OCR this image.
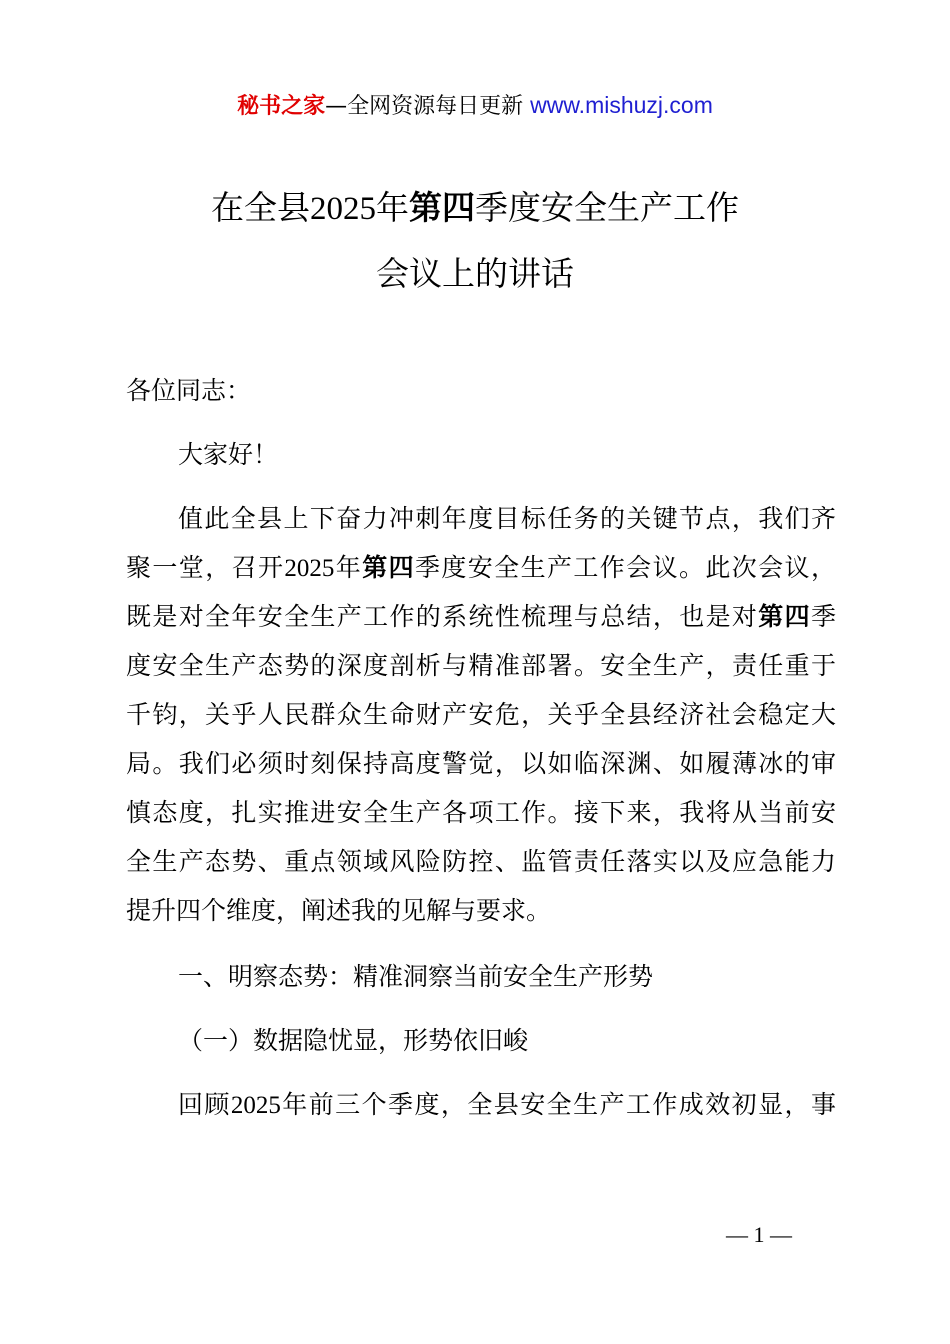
秘书之家—全网资源每日更新 www.mishuzj.com
在全县2025年第四季度安全生产工作
会议上的讲话
各位同志：
大家好！
值此全县上下奋力冲刺年度目标任务的关键节点，我们齐
聚一堂，召开2025年第四季度安全生产工作会议。此次会议，
既是对全年安全生产工作的系统性梳理与总结，也是对第四季
度安全生产态势的深度剖析与精准部署。安全生产，责任重于
千钧，关乎人民群众生命财产安危，关乎全县经济社会稳定大
局。我们必须时刻保持高度警觉，以如临深渊、如履薄冰的审
慎态度，扎实推进安全生产各项工作。接下来，我将从当前安
全生产态势、重点领域风险防控、监管责任落实以及应急能力
提升四个维度，阐述我的见解与要求。
一、明察态势：精准洞察当前安全生产形势
（一）数据隐忧显，形势依旧峻
回顾2025年前三个季度，全县安全生产工作成效初显，事
— 1 —
